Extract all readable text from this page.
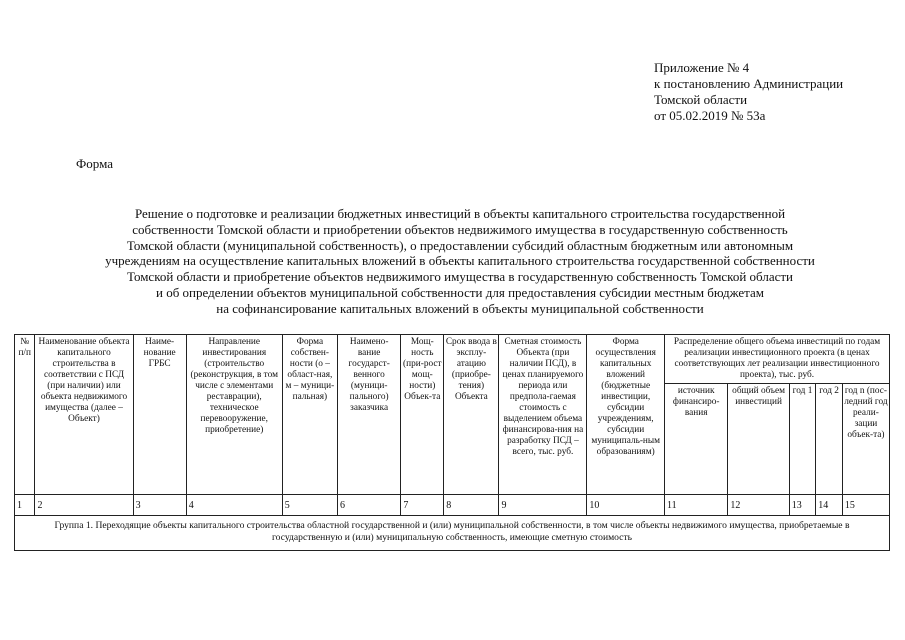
Приложение № 4
к постановлению Администрации
Томской области
от 05.02.2019 № 53а
Форма
Решение о подготовке и реализации бюджетных инвестиций в объекты капитального строительства государственной
собственности Томской области и приобретении объектов недвижимого имущества в государственную собственность
Томской области (муниципальной собственность), о предоставлении субсидий областным бюджетным или автономным
учреждениям на осуществление капитальных вложений в объекты капитального строительства государственной собственности
Томской области и приобретение объектов недвижимого имущества в государственную собственность Томской области
и об определении объектов муниципальной собственности для предоставления субсидии местным бюджетам
на софинансирование капитальных вложений в объекты муниципальной собственности
№ п/п	Наименование объекта капитального строительства в соответствии с ПСД (при наличии) или объекта недвижимого имущества (далее – Объект)	Наиме-нование ГРБС	Направление инвестирования (строительство (реконструкция, в том числе с элементами реставрации), техническое перевооружение, приобретение)	Форма собствен-ности (о – област-ная, м – муници-пальная)	Наимено-вание государст-венного (муници-пального) заказчика	Мощ-ность (при-рост мощ-ности) Объек-та	Срок ввода в эксплу-атацию (приобре-тения) Объекта	Сметная стоимость Объекта (при наличии ПСД), в ценах планируемого периода или предпола-гаемая стоимость с выделением объема финансирова-ния на разработку ПСД – всего, тыс. руб.	Форма осуществления капитальных вложений (бюджетные инвестиции, субсидии учреждениям, субсидии муниципаль-ным образованиям)	Распределение общего объема инвестиций по годам реализации инвестиционного проекта (в ценах соответствующих лет реализации инвестиционного проекта), тыс. руб.				
										источник финансиро-вания	общий объем инвестиций	год 1	год 2	год n (пос-ледний год реали-зации объек-та)
1	2	3	4	5	6	7	8	9	10	11	12	13	14	15
Группа 1. Переходящие объекты капитального строительства областной государственной и (или) муниципальной собственности, в том числе объекты недвижимого имущества, приобретаемые в государственную и (или) муниципальную собственность, имеющие сметную стоимость														
